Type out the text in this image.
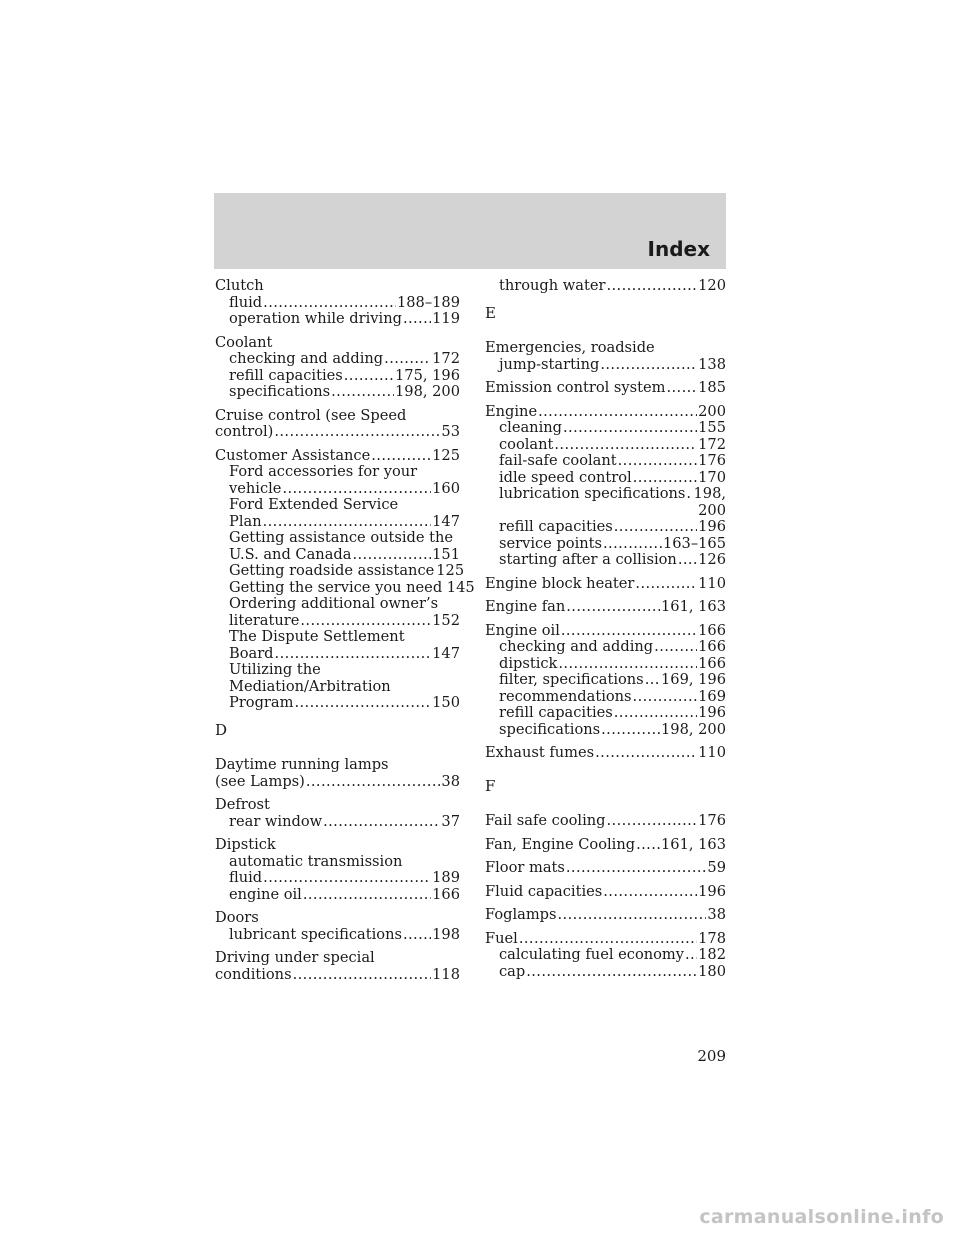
Index
Clutch
fluid .....	188–189
operation while driving ..... 119
Coolant
checking and adding .....	172
refill capacities .....	175, 196
specifications .....	198, 200
Cruise control (see Speed
control) .....	53
Customer Assistance .....	125
Ford accessories for your
vehicle .....	160
Ford Extended Service
Plan .....	147
Getting assistance outside the
U.S. and Canada .....	151
Getting roadside assistance 125
Getting the service you need 145
Ordering additional owner’s
literature .....	152
The Dispute Settlement
Board .....	147
Utilizing the
Mediation/Arbitration
Program .....	150
D
Daytime running lamps
(see Lamps) .....	38
Defrost
rear window .....	37
Dipstick
automatic transmission
fluid .....	189
engine oil .....	166
Doors
lubricant specifications ..... 198
Driving under special
conditions .....	118
through water .....	120
E
Emergencies, roadside
jump-starting .....	138
Emission control system ..... 185
Engine .....	200
cleaning .....	155
coolant .....	172
fail-safe coolant .....	176
idle speed control .....	170
lubrication specifications ..... 198,
200
refill capacities .....	196
service points .....	163–165
starting after a collision ..... 126
Engine block heater .....	110
Engine fan .....	161, 163
Engine oil .....	166
checking and adding .....	166
dipstick .....	166
filter, specifications ..... 169, 196
recommendations .....	169
refill capacities .....	196
specifications .....	198, 200
Exhaust fumes .....	110
F
Fail safe cooling .....	176
Fan, Engine Cooling ..... 161, 163
Floor mats .....	59
Fluid capacities .....	196
Foglamps .....	38
Fuel .....	178
calculating fuel economy ..... 182
cap .....	180
209
carmanualsonline.info
